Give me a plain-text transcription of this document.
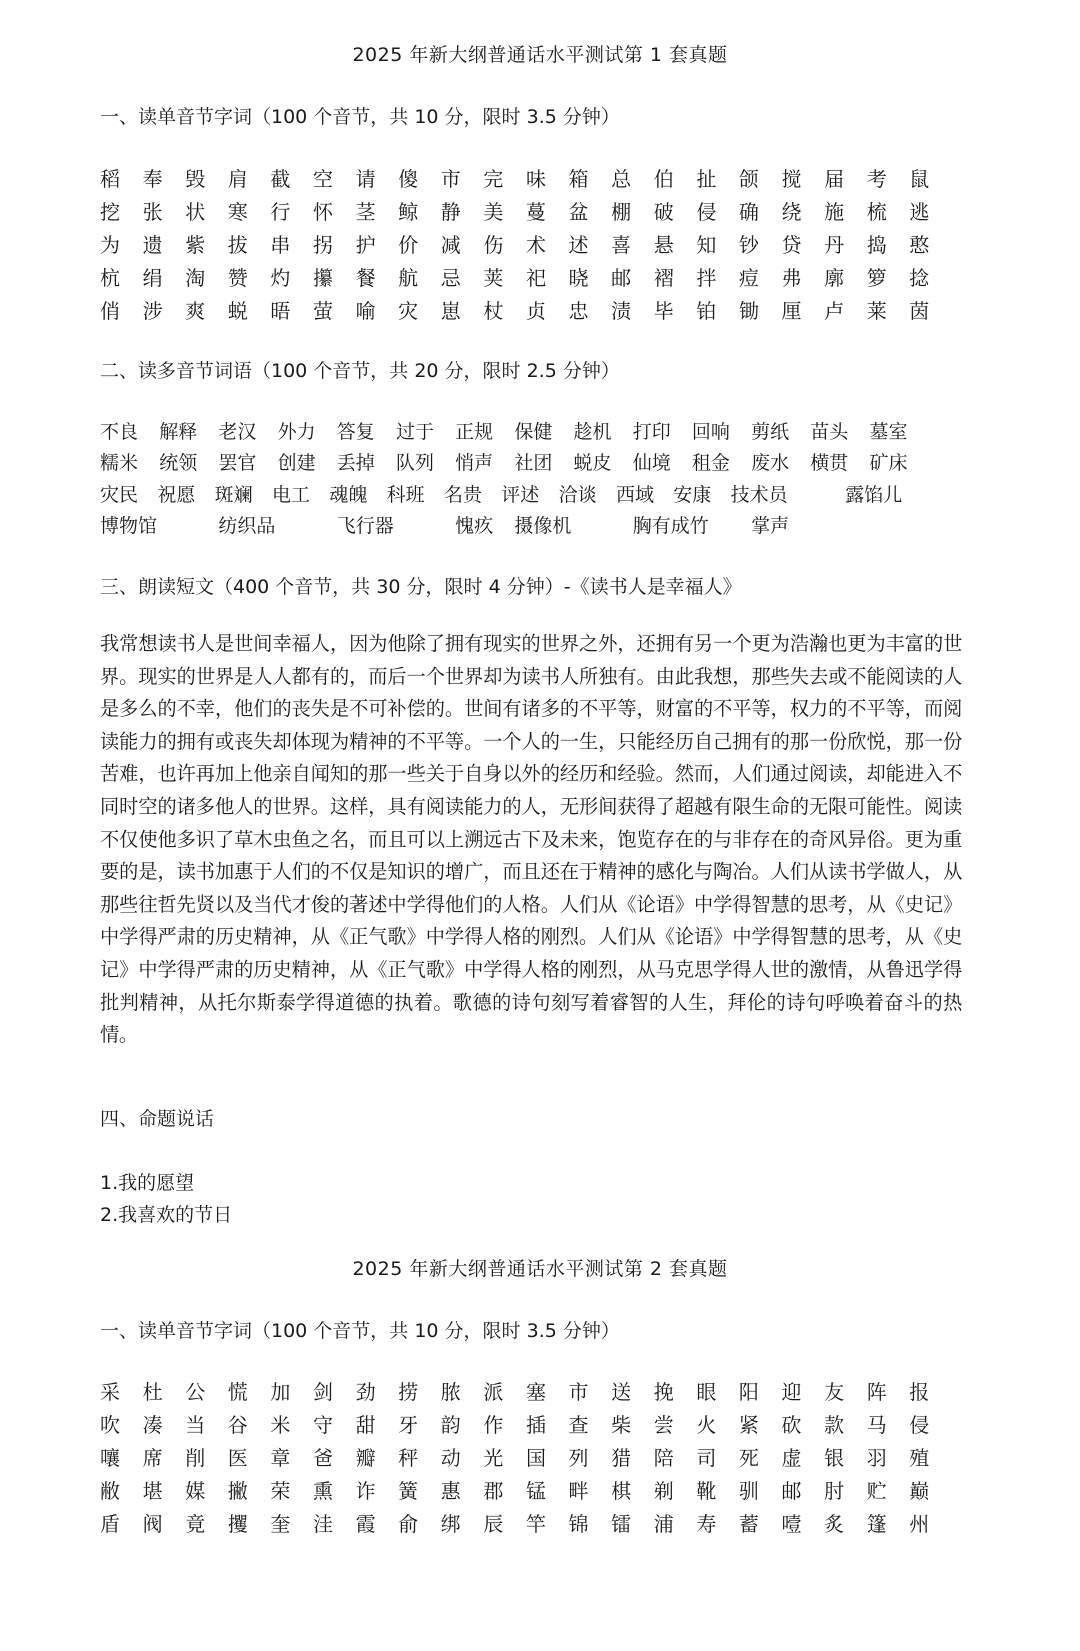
2025 年新大纲普通话水平测试第 1 套真题
一、读单音节字词（100 个音节，共 10 分，限时 3.5 分钟）
稻	奉	毁	肩	截	空	请	傻	市	完	味	箱	总	伯	扯	颌	搅	届	考	鼠
挖	张	状	寒	行	怀	茎	鲸	静	美	蔓	盆	棚	破	侵	确	绕	施	梳	逃
为	遗	紫	拔	串	拐	护	价	减	伤	术	述	喜	悬	知	钞	贷	丹	捣	憨
杭	绢	淘	赞	灼	攥	餐	航	忌	荚	祀	晓	邮	褶	拌	痘	弗	廓	箩	捻
俏	涉	爽	蜕	晤	萤	喻	灾	崽	杖	贞	忠	渍	毕	铂	锄	厘	卢	莱	茵
二、读多音节词语（100 个音节，共 20 分，限时 2.5 分钟）
不良	解释	老汉	外力	答复	过于	正规	保健	趁机	打印	回响	剪纸	苗头	墓室
糯米	统领	罢官	创建	丢掉	队列	悄声	社团	蜕皮	仙境	租金	废水	横贯	矿床
灾民	祝愿	斑斓	电工	魂魄	科班	名贵	评述	洽谈	西域	安康	技术员	露馅儿
博物馆	纺织品	飞行器	愧疚	摄像机	胸有成竹	掌声
三、朗读短文（400 个音节，共 30 分，限时 4 分钟）-《读书人是幸福人》
我常想读书人是世间幸福人，因为他除了拥有现实的世界之外，还拥有另一个更为浩瀚也更为丰富的世界。现实的世界是人人都有的，而后一个世界却为读书人所独有。由此我想，那些失去或不能阅读的人是多么的不幸，他们的丧失是不可补偿的。世间有诸多的不平等，财富的不平等，权力的不平等，而阅读能力的拥有或丧失却体现为精神的不平等。一个人的一生，只能经历自己拥有的那一份欣悦，那一份苦难，也许再加上他亲自闻知的那一些关于自身以外的经历和经验。然而，人们通过阅读，却能进入不同时空的诸多他人的世界。这样，具有阅读能力的人，无形间获得了超越有限生命的无限可能性。阅读不仅使他多识了草木虫鱼之名，而且可以上溯远古下及未来，饱览存在的与非存在的奇风异俗。更为重要的是，读书加惠于人们的不仅是知识的增广，而且还在于精神的感化与陶冶。人们从读书学做人，从那些往哲先贤以及当代才俊的著述中学得他们的人格。人们从《论语》中学得智慧的思考，从《史记》中学得严肃的历史精神，从《正气歌》中学得人格的刚烈。人们从《论语》中学得智慧的思考，从《史记》中学得严肃的历史精神，从《正气歌》中学得人格的刚烈，从马克思学得人世的激情，从鲁迅学得批判精神，从托尔斯泰学得道德的执着。歌德的诗句刻写着睿智的人生，拜伦的诗句呼唤着奋斗的热情。
四、命题说话
1.我的愿望
2.我喜欢的节日
2025 年新大纲普通话水平测试第 2 套真题
一、读单音节字词（100 个音节，共 10 分，限时 3.5 分钟）
采	杜	公	慌	加	剑	劲	捞	脓	派	塞	市	送	挽	眼	阳	迎	友	阵	报
吹	凑	当	谷	米	守	甜	牙	韵	作	插	查	柴	尝	火	紧	砍	款	马	侵
嚷	席	削	医	章	爸	瓣	秤	动	光	国	列	猎	陪	司	死	虚	银	羽	殖
敝	堪	媒	撇	荣	熏	诈	簧	惠	郡	锰	畔	棋	剃	靴	驯	邮	肘	贮	巅
盾	阀	竟	攫	奎	洼	霞	俞	绑	辰	竿	锦	镭	浦	寿	蓄	噎	炙	篷	州
